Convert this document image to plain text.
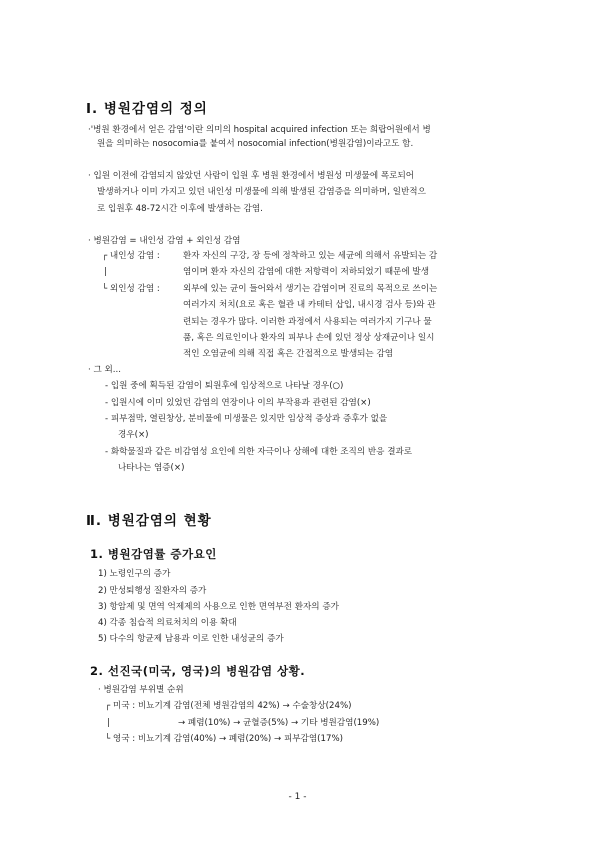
Ⅰ. 병원감염의 정의
·'병원 환경에서 얻은 감염'이란 의미의 hospital acquired infection 또는 희랍어원에서 병
원을 의미하는 nosocomia를 붙여서 nosocomial infection(병원감염)이라고도 함.
· 입원 이전에 감염되지 않았던 사람이 입원 후 병원 환경에서 병원성 미생물에 폭로되어
발생하거나 이미 가지고 있던 내인성 미생물에 의해 발생된 감염증을 의미하며, 일반적으
로 입원후 48-72시간 이후에 발생하는 감염.
· 병원감염 = 내인성 감염 + 외인성 감염
┌ 내인성 감염 :	환자 자신의 구강, 장 등에 정착하고 있는 세균에 의해서 유발되는 감
|	염이며 환자 자신의 감염에 대한 저항력이 저하되었기 때문에 발생
└ 외인성 감염 :	외부에 있는 균이 들어와서 생기는 감염이며 진료의 목적으로 쓰이는
여러가지 처치(요로 혹은 혈관 내 카테터 삽입, 내시경 검사 등)와 관
련되는 경우가 많다. 이러한 과정에서 사용되는 여러가지 기구나 물
품, 혹은 의료인이나 환자의 피부나 손에 있던 정상 상재균이나 일시
적인 오염균에 의해 직접 혹은 간접적으로 발생되는 감염
· 그 외...
- 입원 중에 획득된 감염이 퇴원후에 임상적으로 나타날 경우(○)
- 입원시에 이미 있었던 감염의 연장이나 이의 부작용과 관련된 감염(×)
- 피부점막, 열린창상, 분비물에 미생물은 있지만 임상적 증상과 증후가 없을
경우(×)
- 화학물질과 같은 비감염성 요인에 의한 자극이나 상해에 대한 조직의 반응 결과로
나타나는 염증(×)
Ⅱ. 병원감염의 현황
1. 병원감염률 증가요인
1) 노령인구의 증가
2) 만성퇴행성 질환자의 증가
3) 항암제 및 면역 억제제의 사용으로 인한 면역부전 환자의 증가
4) 각종 침습적 의료처치의 이용 확대
5) 다수의 항균제 남용과 이로 인한 내성균의 증가
2. 선진국(미국, 영국)의 병원감염 상황.
· 병원감염 부위별 순위
┌ 미국 : 비뇨기계 감염(전체 병원감염의 42%) → 수술창상(24%)
|	→ 폐렴(10%) → 균혈증(5%) → 기타 병원감염(19%)
└ 영국 : 비뇨기계 감염(40%) → 폐렴(20%) → 피부감염(17%)
- 1 -
